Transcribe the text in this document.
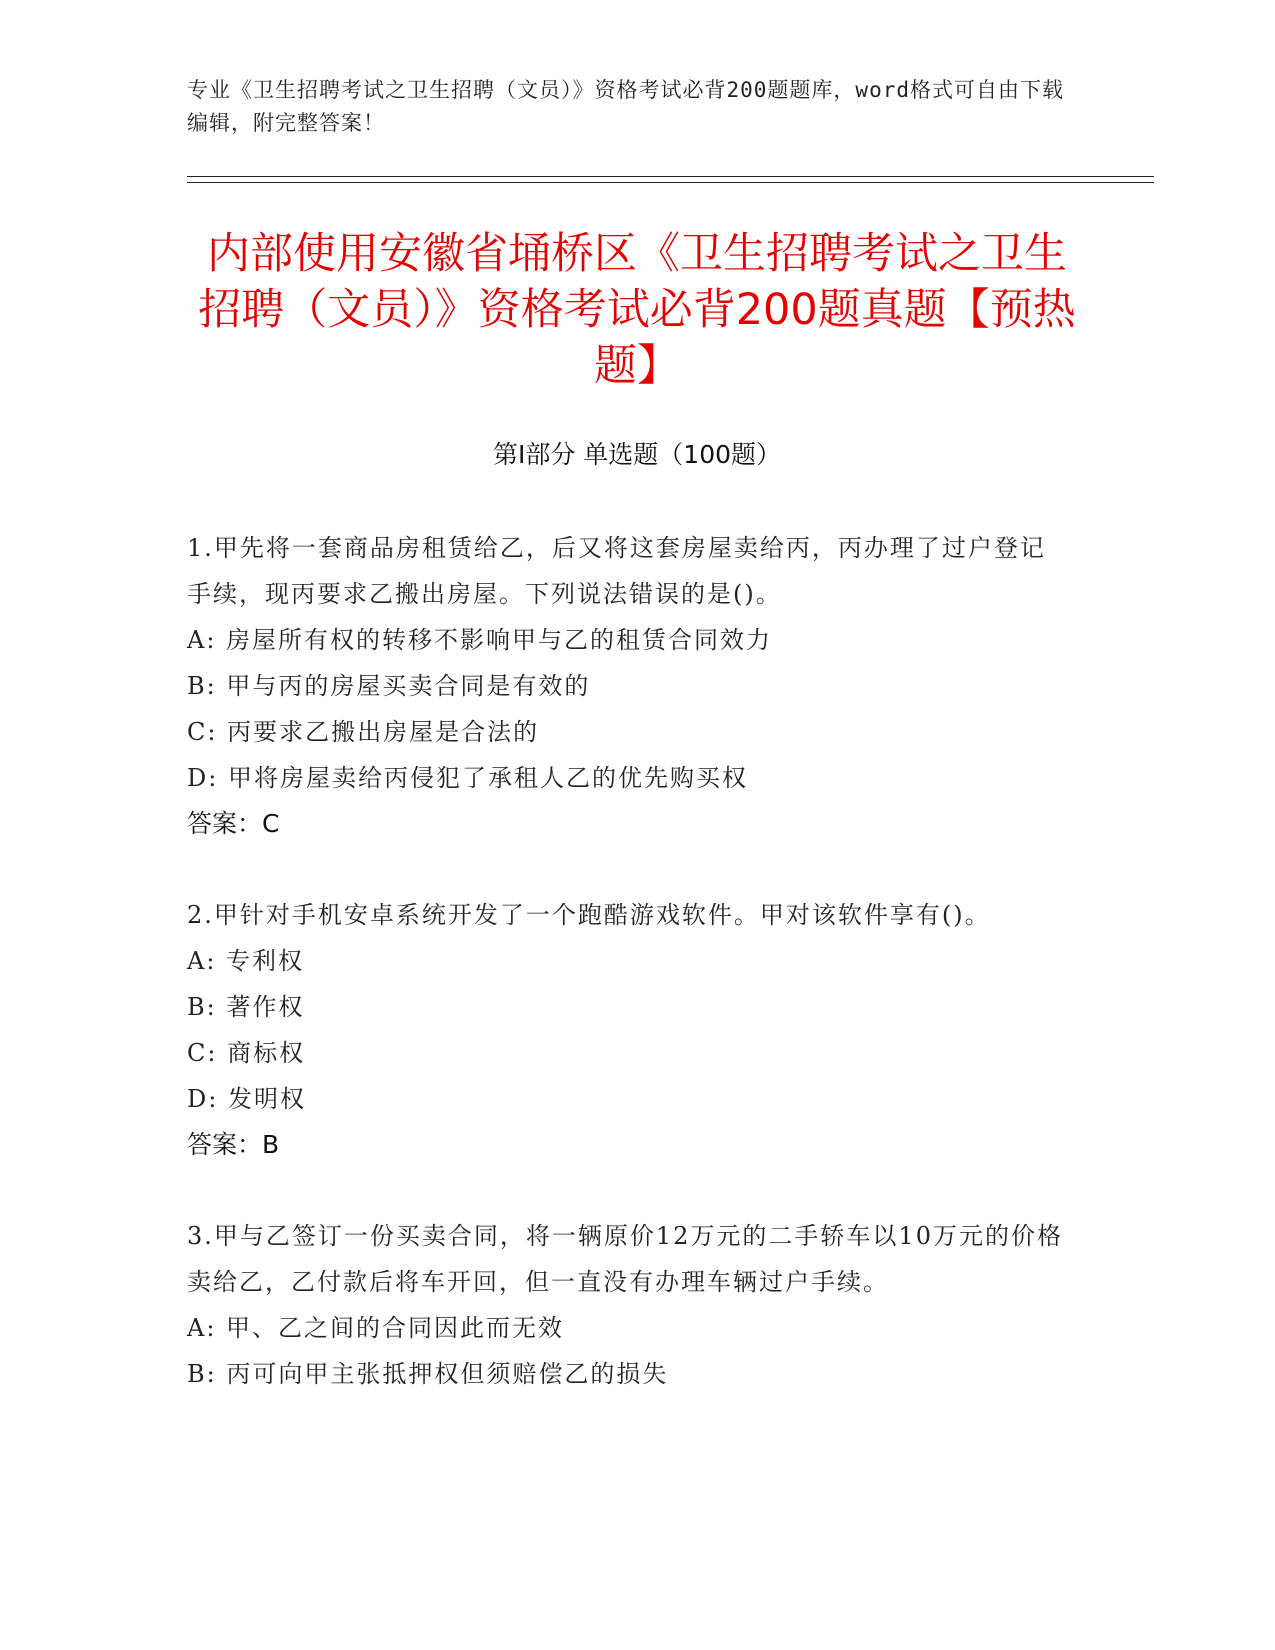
专业《卫生招聘考试之卫生招聘（文员）》资格考试必背200题题库，word格式可自由下载编辑，附完整答案！
内部使用安徽省埇桥区《卫生招聘考试之卫生招聘（文员）》资格考试必背200题真题【预热题】
第Ⅰ部分 单选题（100题）
1.甲先将一套商品房租赁给乙，后又将这套房屋卖给丙，丙办理了过户登记手续，现丙要求乙搬出房屋。下列说法错误的是()。
A: 房屋所有权的转移不影响甲与乙的租赁合同效力
B: 甲与丙的房屋买卖合同是有效的
C: 丙要求乙搬出房屋是合法的
D: 甲将房屋卖给丙侵犯了承租人乙的优先购买权
答案：C
2.甲针对手机安卓系统开发了一个跑酷游戏软件。甲对该软件享有()。
A: 专利权
B: 著作权
C: 商标权
D: 发明权
答案：B
3.甲与乙签订一份买卖合同，将一辆原价12万元的二手轿车以10万元的价格卖给乙，乙付款后将车开回，但一直没有办理车辆过户手续。
A: 甲、乙之间的合同因此而无效
B: 丙可向甲主张抵押权但须赔偿乙的损失
